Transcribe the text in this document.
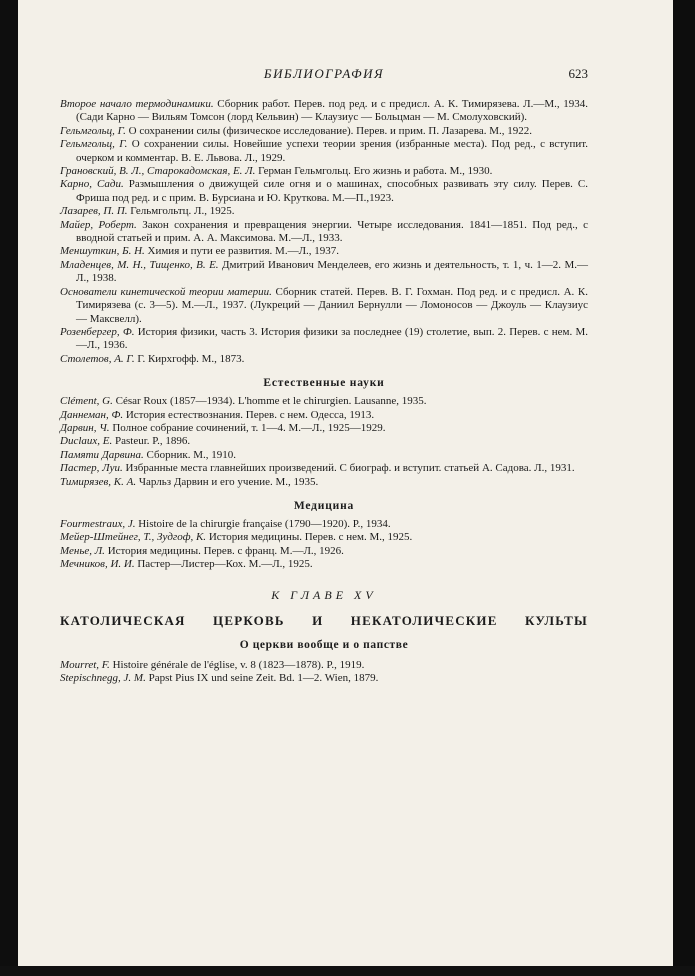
БИБЛИОГРАФИЯ	623

Второе начало термодинамики. Сборник работ. Перев. под ред. и с предисл. А. К. Тимирязева. Л.—М., 1934. (Сади Карно — Вильям Томсон (лорд Кельвин) — Клаузиус — Больцман — М. Смолуховский).

Гельмгольц, Г. О сохранении силы (физическое исследование). Перев. и прим. П. Лазарева. М., 1922.

Гельмгольц, Г. О сохранении силы. Новейшие успехи теории зрения (избранные места). Под ред., с вступит. очерком и комментар. В. Е. Львова. Л., 1929.

Гранoвский, В. Л., Старокадомская, Е. Л. Герман Гельмгольц. Его жизнь и работа. М., 1930.

Карно, Сади. Размышления о движущей силе огня и о машинах, способных развивать эту силу. Перев. С. Фриша под ред. и с прим. В. Бурсиана и Ю. Круткова. М.—П.,1923.

Лазарев, П. П. Гельмгольтц. Л., 1925.

Майер, Роберт. Закон сохранения и превращения энергии. Четыре исследования. 1841—1851. Под ред., с вводной статьей и прим. А. А. Максимова. М.—Л., 1933.

Меншуткин, Б. Н. Химия и пути ее развития. М.—Л., 1937.

Младенцев, М. Н., Тищенко, В. Е. Дмитрий Иванович Менделеев, его жизнь и деятельность, т. 1, ч. 1—2. М.—Л., 1938.

Основатели кинетической теории материи. Сборник статей. Перев. В. Г. Гохман. Под ред. и с предисл. А. К. Тимирязева (с. 3—5). М.—Л., 1937. (Лукреций — Даниил Бернулли — Ломоносов — Джоуль — Клаузиус — Максвелл).

Розенбергер, Ф. История физики, часть 3. История физики за последнее (19) столетие, вып. 2. Перев. с нем. М.—Л., 1936.

Столетов, А. Г. Г. Кирхгофф. М., 1873.

Естественные науки

Clément, G. César Roux (1857—1934). L'homme et le chirurgien. Lausanne, 1935.

Даннеман, Ф. История естествознания. Перев. с нем. Одесса, 1913.

Дарвин, Ч. Полное собрание сочинений, т. 1—4. М.—Л., 1925—1929.

Duclaux, E. Pasteur. P., 1896.

Памяти Дарвина. Сборник. М., 1910.

Пастер, Луи. Избранные места главнейших произведений. С биограф. и вступит. статьей А. Садова. Л., 1931.

Тимирязев, К. А. Чарльз Дарвин и его учение. М., 1935.

Медицина

Fourmestraux, J. Histoire de la chirurgie française (1790—1920). P., 1934.

Мейер-Штейнег, Т., Зудгоф, К. История медицины. Перев. с нем. М., 1925.

Меньe, Л. История медицины. Перев. с франц. М.—Л., 1926.

Мечников, И. И. Пастер—Листер—Кох. М.—Л., 1925.

К ГЛАВЕ XV
КАТОЛИЧЕСКАЯ ЦЕРКОВЬ И НЕКАТОЛИЧЕСКИЕ КУЛЬТЫ
О церкви вообще и о папстве

Mourret, F. Histoire générale de l'église, v. 8 (1823—1878). P., 1919.

Stepischnegg, J. M. Papst Pius IX und seine Zeit. Bd. 1—2. Wien, 1879.
